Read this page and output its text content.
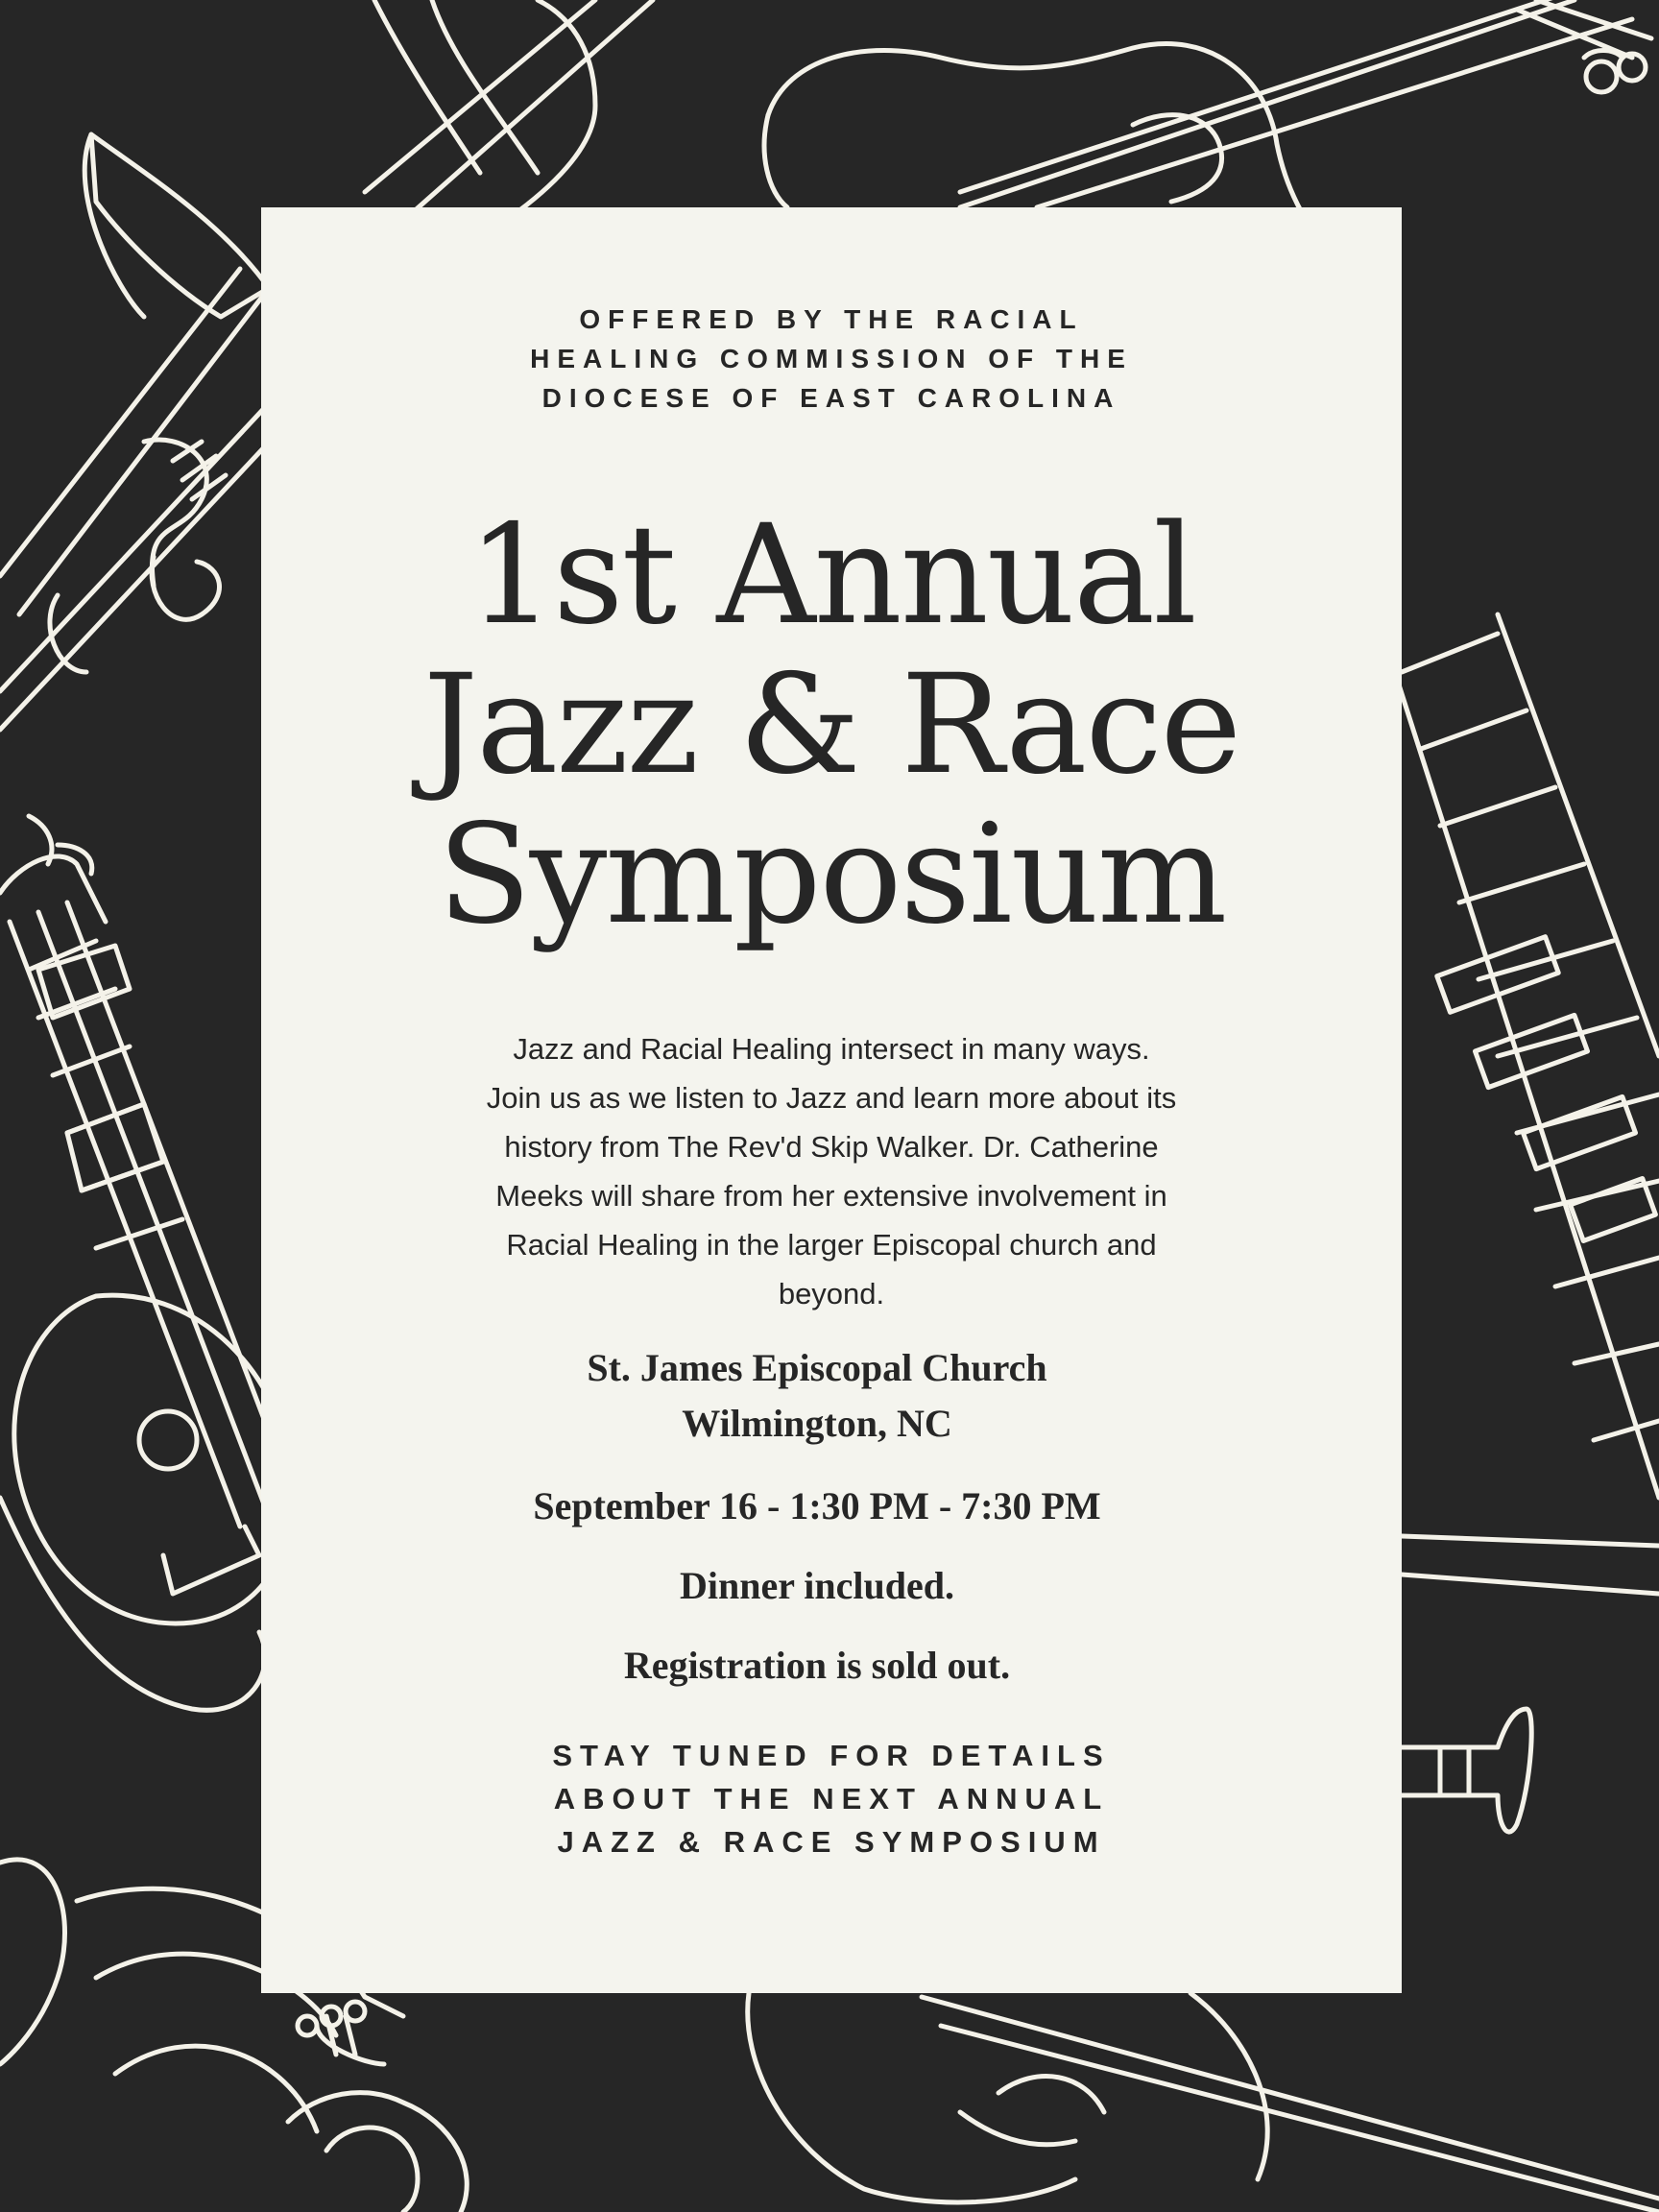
OFFERED BY THE RACIAL HEALING COMMISSION OF THE DIOCESE OF EAST CAROLINA
1st Annual
Jazz & Race
Symposium
Jazz and Racial Healing intersect in many ways. Join us as we listen to Jazz and learn more about its history from The Rev'd Skip Walker. Dr. Catherine Meeks will share from her extensive involvement in Racial Healing in the larger Episcopal church and beyond.
St. James Episcopal Church
Wilmington, NC
September 16 - 1:30 PM - 7:30 PM
Dinner included.
Registration is sold out.
STAY TUNED FOR DETAILS ABOUT THE NEXT ANNUAL JAZZ & RACE SYMPOSIUM
